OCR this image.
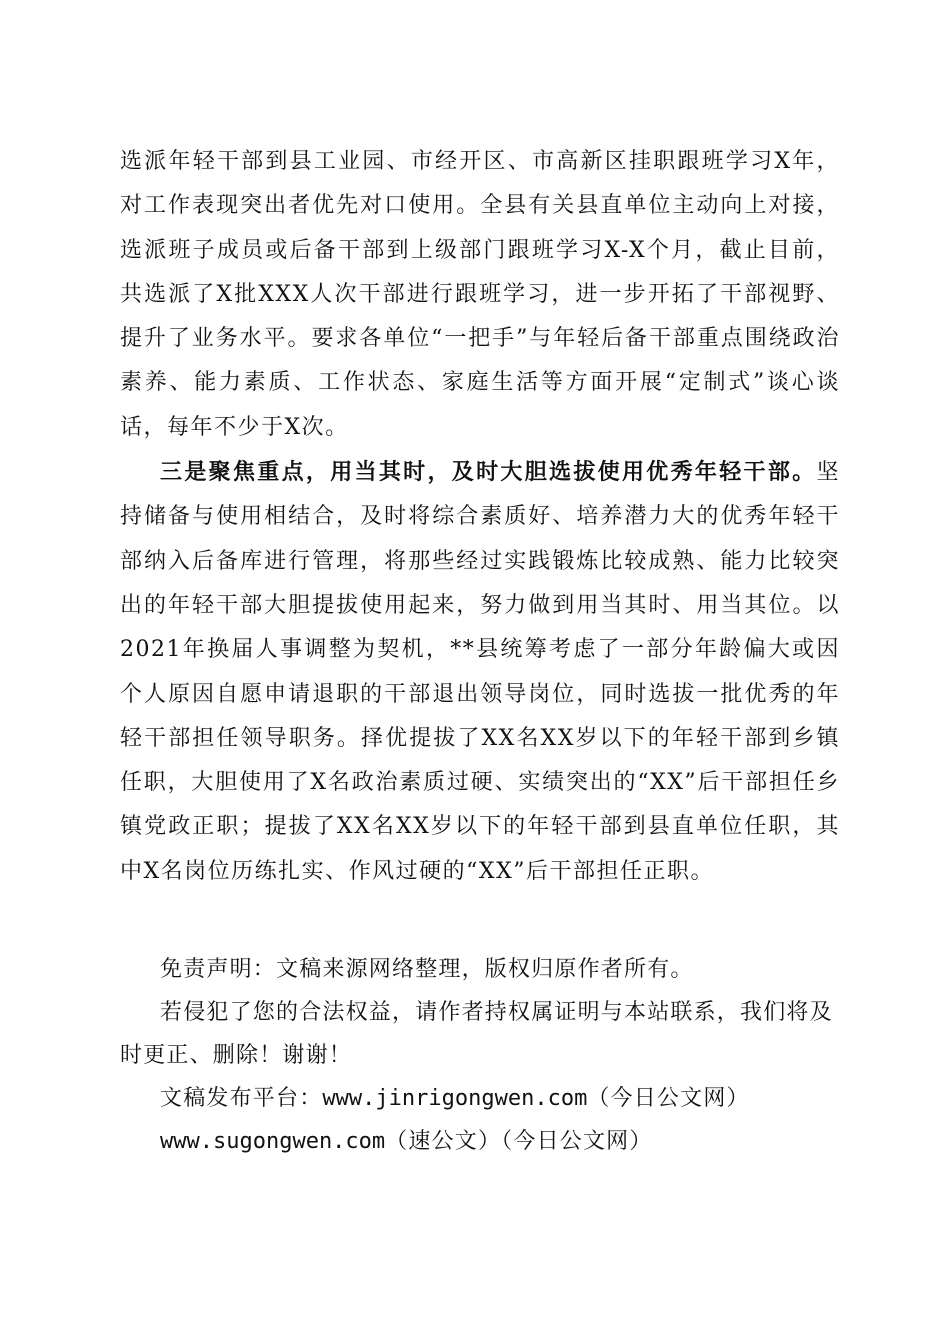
选派年轻干部到县工业园、市经开区、市高新区挂职跟班学习X年，对工作表现突出者优先对口使用。全县有关县直单位主动向上对接，选派班子成员或后备干部到上级部门跟班学习X-X个月，截止目前，共选派了X批XXX人次干部进行跟班学习，进一步开拓了干部视野、提升了业务水平。要求各单位“一把手”与年轻后备干部重点围绕政治素养、能力素质、工作状态、家庭生活等方面开展“定制式”谈心谈话，每年不少于X次。

三是聚焦重点，用当其时，及时大胆选拔使用优秀年轻干部。坚持储备与使用相结合，及时将综合素质好、培养潜力大的优秀年轻干部纳入后备库进行管理，将那些经过实践锻炼比较成熟、能力比较突出的年轻干部大胆提拔使用起来，努力做到用当其时、用当其位。以2021年换届人事调整为契机，**县统筹考虑了一部分年龄偏大或因个人原因自愿申请退职的干部退出领导岗位，同时选拔一批优秀的年轻干部担任领导职务。择优提拔了XX名XX岁以下的年轻干部到乡镇任职，大胆使用了X名政治素质过硬、实绩突出的“XX”后干部担任乡镇党政正职；提拔了XX名XX岁以下的年轻干部到县直单位任职，其中X名岗位历练扎实、作风过硬的“XX”后干部担任正职。

免责声明：文稿来源网络整理，版权归原作者所有。

若侵犯了您的合法权益，请作者持权属证明与本站联系，我们将及时更正、删除！谢谢！

文稿发布平台：www.jinrigongwen.com（今日公文网）

www.sugongwen.com（速公文）（今日公文网）
